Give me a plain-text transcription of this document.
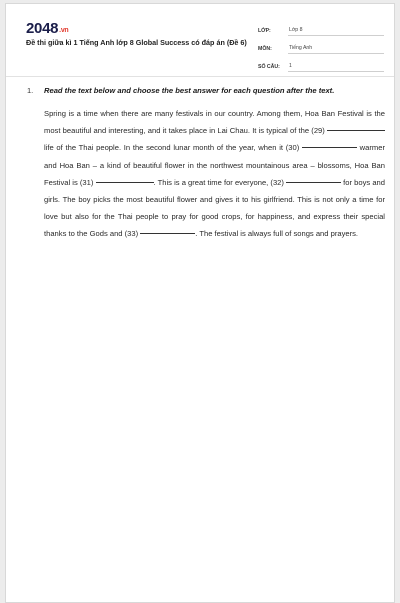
2048.vn
Đề thi giữa kì 1 Tiếng Anh lớp 8 Global Success có đáp án (Đề 6)
LỚP:	Lớp 8
MÔN:	Tiếng Anh
SỐ CÂU:	1
1. Read the text below and choose the best answer for each question after the text.
Spring is a time when there are many festivals in our country. Among them, Hoa Ban Festival is the most beautiful and interesting, and it takes place in Lai Chau. It is typical of the (29)  life of the Thai people. In the second lunar month of the year, when it (30)	warmer and Hoa Ban – a kind of beautiful flower in the northwest mountainous area – blossoms, Hoa Ban Festival is (31)	. This is a great time for everyone, (32)	for boys and girls. The boy picks the most beautiful flower and gives it to his girlfriend. This is not only a time for love but also for the Thai people to pray for good crops, for happiness, and express their special thanks to the Gods and (33)	. The festival is always full of songs and prayers.
